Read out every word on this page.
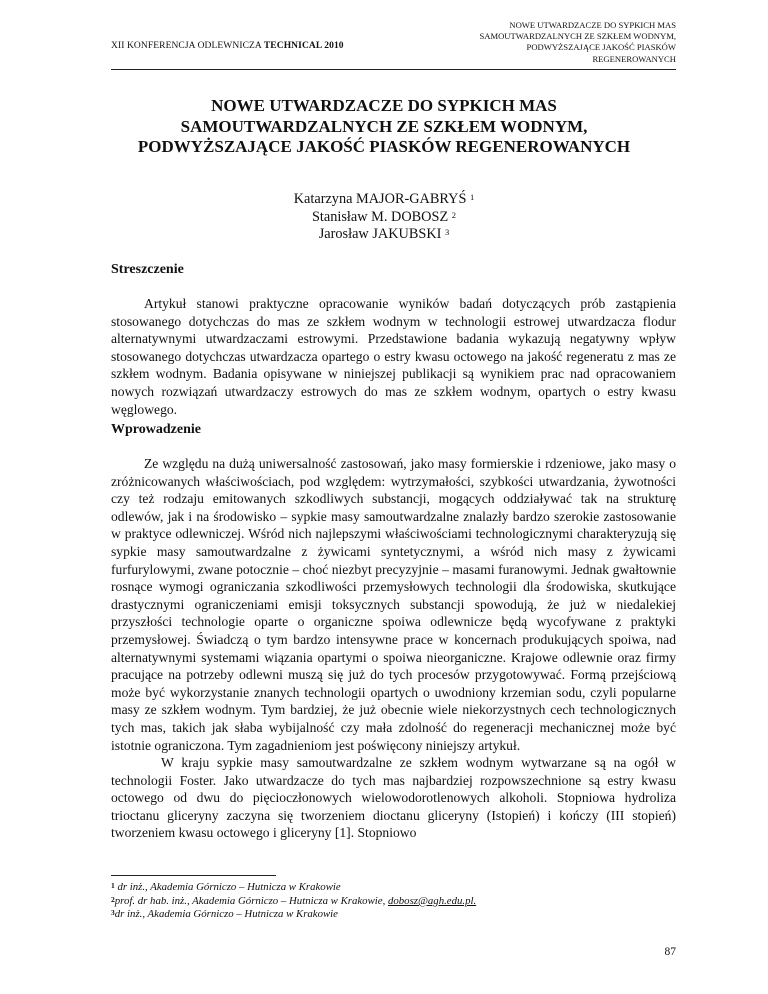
XII KONFERENCJA ODLEWNICZA TECHNICAL 2010
NOWE UTWARDZACZE DO SYPKICH MAS
SAMOUTWARDZALNYCH ZE SZKŁEM WODNYM,
PODWYŻSZAJĄCE JAKOŚĆ PIASKÓW
REGENEROWANYCH
NOWE UTWARDZACZE DO SYPKICH MAS
SAMOUTWARDZALNYCH ZE SZKŁEM WODNYM,
PODWYŻSZAJĄCE JAKOŚĆ PIASKÓW REGENEROWANYCH
Katarzyna MAJOR-GABRYŚ $^1$
Stanisław M. DOBOSZ $^2$
Jarosław JAKUBSKI $^3$
Streszczenie

Artykuł stanowi praktyczne opracowanie wyników badań dotyczących prób zastąpienia stosowanego dotychczas do mas ze szkłem wodnym w technologii estrowej utwardzacza flodur alternatywnymi utwardzaczami estrowymi. Przedstawione badania wykazują negatywny wpływ stosowanego dotychczas utwardzacza opartego o estry kwasu octowego na jakość regeneratu z mas ze szkłem wodnym. Badania opisywane w niniejszej publikacji są wynikiem prac nad opracowaniem nowych rozwiązań utwardzaczy estrowych do mas ze szkłem wodnym, opartych o estry kwasu węglowego.

Wprowadzenie

Ze względu na dużą uniwersalność zastosowań, jako masy formierskie i rdzeniowe, jako masy o zróżnicowanych właściwościach, pod względem: wytrzymałości, szybkości utwardzania, żywotności czy też rodzaju emitowanych szkodliwych substancji, mogących oddziaływać tak na strukturę odlewów, jak i na środowisko – sypkie masy samoutwardzalne znalazły bardzo szerokie zastosowanie w praktyce odlewniczej. Wśród nich najlepszymi właściwościami technologicznymi charakteryzują się sypkie masy samoutwardzalne z żywicami syntetycznymi, a wśród nich masy z żywicami furfurylowymi, zwane potocznie – choć niezbyt precyzyjnie – masami furanowymi. Jednak gwałtownie rosnące wymogi ograniczania szkodliwości przemysłowych technologii dla środowiska, skutkujące drastycznymi ograniczeniami emisji toksycznych substancji spowodują, że już w niedalekiej przyszłości technologie oparte o organiczne spoiwa odlewnicze będą wycofywane z praktyki przemysłowej. Świadczą o tym bardzo intensywne prace w koncernach produkujących spoiwa, nad alternatywnymi systemami wiązania opartymi o spoiwa nieorganiczne. Krajowe odlewnie oraz firmy pracujące na potrzeby odlewni muszą się już do tych procesów przygotowywać. Formą przejściową może być wykorzystanie znanych technologii opartych o uwodniony krzemian sodu, czyli popularne masy ze szkłem wodnym. Tym bardziej, że już obecnie wiele niekorzystnych cech technologicznych tych mas, takich jak słaba wybijalność czy mała zdolność do regeneracji mechanicznej może być istotnie ograniczona. Tym zagadnieniom jest poświęcony niniejszy artykuł.

W kraju sypkie masy samoutwardzalne ze szkłem wodnym wytwarzane są na ogół w technologii Foster. Jako utwardzacze do tych mas najbardziej rozpowszechnione są estry kwasu octowego od dwu do pięcioczłonowych wielowodorotlenowych alkoholi. Stopniowa hydroliza trioctanu gliceryny zaczyna się tworzeniem dioctanu gliceryny (Istopień) i kończy (III stopień) tworzeniem kwasu octowego i gliceryny [1]. Stopniowo

$^1$ dr inż., Akademia Górniczo – Hutnicza w Krakowie
$^2$prof. dr hab. inż., Akademia Górniczo – Hutnicza w Krakowie, dobosz@agh.edu.pl.
$^3$dr inż., Akademia Górniczo – Hutnicza w Krakowie
87
